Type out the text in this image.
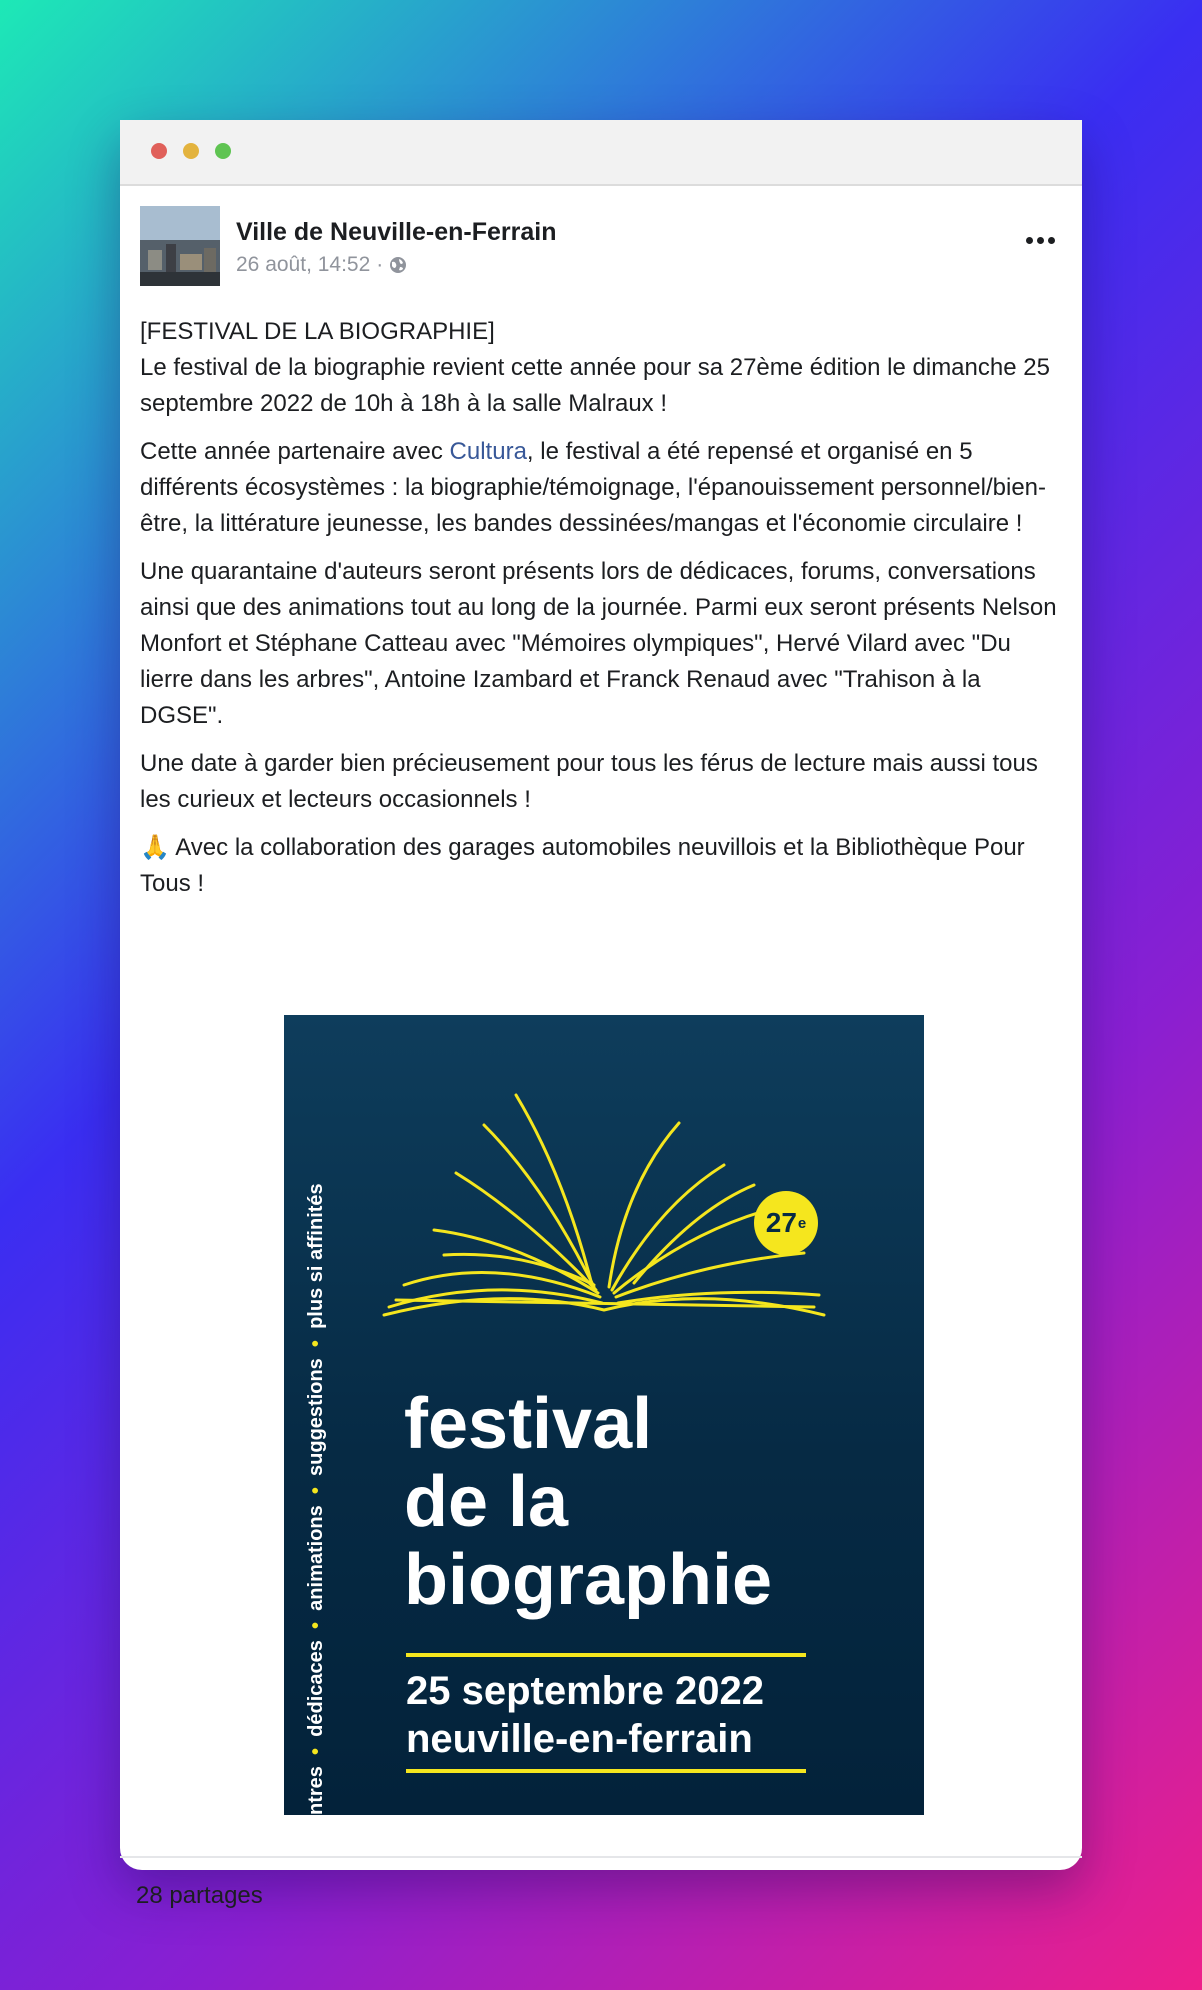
Ville de Neuville-en-Ferrain
26 août, 14:52 ·

[FESTIVAL DE LA BIOGRAPHIE]
Le festival de la biographie revient cette année pour sa 27ème édition le dimanche 25 septembre 2022 de 10h à 18h à la salle Malraux !

Cette année partenaire avec Cultura, le festival a été repensé et organisé en 5 différents écosystèmes : la biographie/témoignage, l'épanouissement personnel/bien-être, la littérature jeunesse, les bandes dessinées/mangas et l'économie circulaire !

Une quarantaine d'auteurs seront présents lors de dédicaces, forums, conversations ainsi que des animations tout au long de la journée. Parmi eux seront présents Nelson Monfort et Stéphane Catteau avec "Mémoires olympiques", Hervé Vilard avec "Du lierre dans les arbres", Antoine Izambard et Franck Renaud avec "Trahison à la DGSE".

Une date à garder bien précieusement pour tous les férus de lecture mais aussi tous les curieux et lecteurs occasionnels !

🙏 Avec la collaboration des garages automobiles neuvillois et la Bibliothèque Pour Tous !

ntres  •  dédicaces  •  animations  •  suggestions  •  plus si affinités	27 e
festival
de la
biographie
25 septembre 2022
neuville-en-ferrain
28 partages
